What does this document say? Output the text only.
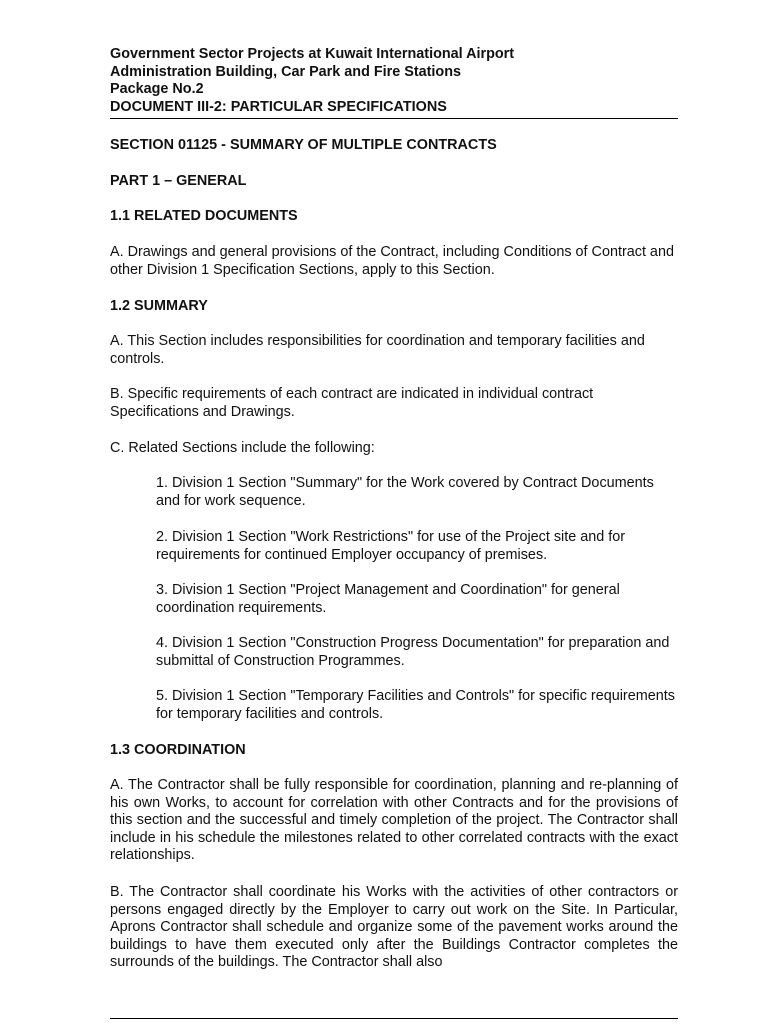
Government Sector Projects at Kuwait International Airport
Administration Building, Car Park and Fire Stations
Package No.2
DOCUMENT III-2: PARTICULAR SPECIFICATIONS
SECTION 01125 - SUMMARY OF MULTIPLE CONTRACTS
PART 1 – GENERAL
1.1 RELATED DOCUMENTS
A. Drawings and general provisions of the Contract, including Conditions of Contract and other Division 1 Specification Sections, apply to this Section.
1.2 SUMMARY
A. This Section includes responsibilities for coordination and temporary facilities and controls.
B. Specific requirements of each contract are indicated in individual contract Specifications and Drawings.
C. Related Sections include the following:
1. Division 1 Section "Summary" for the Work covered by Contract Documents and for work sequence.
2. Division 1 Section "Work Restrictions" for use of the Project site and for requirements for continued Employer occupancy of premises.
3. Division 1 Section "Project Management and Coordination" for general coordination requirements.
4. Division 1 Section "Construction Progress Documentation" for preparation and submittal of Construction Programmes.
5. Division 1 Section "Temporary Facilities and Controls" for specific requirements for temporary facilities and controls.
1.3 COORDINATION
A. The Contractor shall be fully responsible for coordination, planning and re-planning of his own Works, to account for correlation with other Contracts and for the provisions of this section and the successful and timely completion of the project. The Contractor shall include in his schedule the milestones related to other correlated contracts with the exact relationships.
B. The Contractor shall coordinate his Works with the activities of other contractors or persons engaged directly by the Employer to carry out work on the Site. In Particular, Aprons Contractor shall schedule and organize some of the pavement works around the buildings to have them executed only after the Buildings Contractor completes the surrounds of the buildings. The Contractor shall also
